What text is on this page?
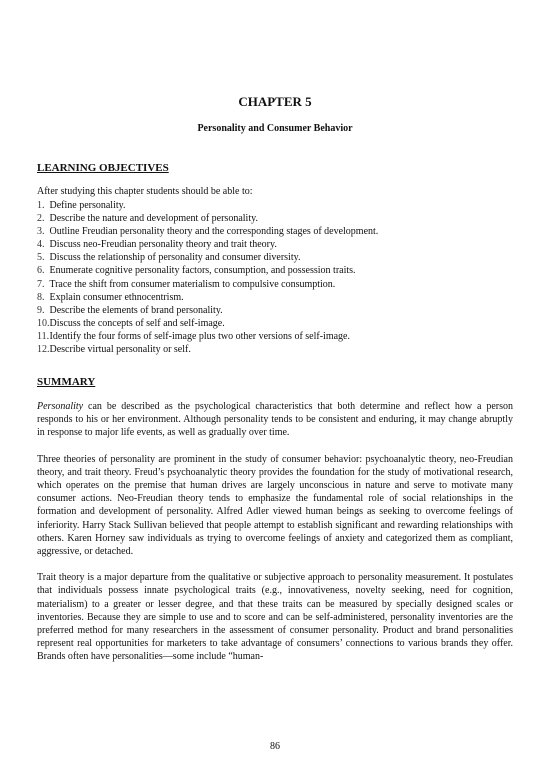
CHAPTER 5
Personality and Consumer Behavior
LEARNING OBJECTIVES
After studying this chapter students should be able to:
1. Define personality.
2. Describe the nature and development of personality.
3. Outline Freudian personality theory and the corresponding stages of development.
4. Discuss neo-Freudian personality theory and trait theory.
5. Discuss the relationship of personality and consumer diversity.
6. Enumerate cognitive personality factors, consumption, and possession traits.
7. Trace the shift from consumer materialism to compulsive consumption.
8. Explain consumer ethnocentrism.
9. Describe the elements of brand personality.
10. Discuss the concepts of self and self-image.
11. Identify the four forms of self-image plus two other versions of self-image.
12. Describe virtual personality or self.
SUMMARY

Personality can be described as the psychological characteristics that both determine and reflect how a person responds to his or her environment. Although personality tends to be consistent and enduring, it may change abruptly in response to major life events, as well as gradually over time.

Three theories of personality are prominent in the study of consumer behavior: psychoanalytic theory, neo-Freudian theory, and trait theory. Freud’s psychoanalytic theory provides the foundation for the study of motivational research, which operates on the premise that human drives are largely unconscious in nature and serve to motivate many consumer actions. Neo-Freudian theory tends to emphasize the fundamental role of social relationships in the formation and development of personality. Alfred Adler viewed human beings as seeking to overcome feelings of inferiority. Harry Stack Sullivan believed that people attempt to establish significant and rewarding relationships with others. Karen Horney saw individuals as trying to overcome feelings of anxiety and categorized them as compliant, aggressive, or detached.

Trait theory is a major departure from the qualitative or subjective approach to personality measurement. It postulates that individuals possess innate psychological traits (e.g., innovativeness, novelty seeking, need for cognition, materialism) to a greater or lesser degree, and that these traits can be measured by specially designed scales or inventories. Because they are simple to use and to score and can be self-administered, personality inventories are the preferred method for many researchers in the assessment of consumer personality. Product and brand personalities represent real opportunities for marketers to take advantage of consumers’ connections to various brands they offer. Brands often have personalities—some include “human-

86
